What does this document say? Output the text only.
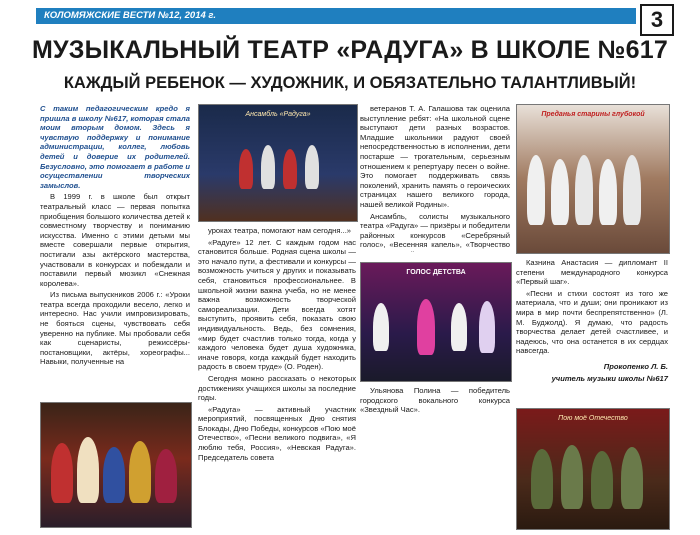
КОЛОМЯЖСКИЕ ВЕСТИ №12, 2014 г.	3
МУЗЫКАЛЬНЫЙ ТЕАТР «РАДУГА» В ШКОЛЕ №617
КАЖДЫЙ РЕБЕНОК — ХУДОЖНИК, И ОБЯЗАТЕЛЬНО ТАЛАНТЛИВЫЙ!

С таким педагогическим кредо я пришла в школу №617, которая стала моим вторым домом. Здесь я чувствую поддержку и понимание администрации, коллег, любовь детей и доверие их родителей. Безусловно, это помогает в работе и осуществлении творческих замыслов.

В 1999 г. в школе был открыт театральный класс — первая попытка приобщения большого количества детей к совместному творчеству и пониманию искусства. Именно с этими детьми мы вместе совершали первые открытия, постигали азы актёрского мастерства, участвовали в конкурсах и побеждали и поставили первый мюзикл «Снежная королева».

Из письма выпускников 2006 г.: «Уроки театра всегда проходили весело, легко и интересно. Нас учили импровизировать, не бояться сцены, чувствовать себя уверенно на публике. Мы пробовали себя как сценаристы, режиссёры-постановщики, актёры, хореографы... Навыки, полученные на

Ансамбль «Радуга»

уроках театра, помогают нам сегодня...»

«Радуге» 12 лет. С каждым годом нас становится больше. Родная сцена школы — это начало пути, а фестивали и конкурсы — возможность учиться у других и показывать себя, становиться профессиональнее. В школьной жизни важна учеба, но не менее важна возможность творческой самореализации. Дети всегда хотят выступить, проявить себя, показать свою индивидуальность. Ведь, без сомнения, «мир будет счастлив только тогда, когда у каждого человека будет душа художника, иначе говоря, когда каждый будет находить радость в своем труде» (О. Роден).

Сегодня можно рассказать о некоторых достижениях учащихся школы за последние годы.

«Радуга» — активный участник мероприятий, посвященных Дню снятия Блокады, Дню Победы, конкурсов «Пою моё Отечество», «Песни великого подвига», «Я люблю тебя, Россия», «Невская Радуга». Председатель совета

ветеранов Т. А. Галашова так оценила выступление ребят: «На школьной сцене выступают дети разных возрастов. Младшие школьники радуют своей непосредственностью в исполнении, дети постарше — трогательным, серьезным отношением к репертуару песен о войне. Это помогает поддерживать связь поколений, хранить память о героических страницах нашего великого города, нашей великой Родины».

Ансамбль, солисты музыкального театра «Радуга» — призёры и победители районных конкурсов «Серебряный голос», «Весенняя капель», «Творчество

ГОЛОС ДЕТСТВА

Ульянова Полина — победитель городского вокального конкурса «Звездный Час».

Преданья старины глубокой

Казнина Анастасия — дипломант II степени международного конкурса «Первый шаг».

«Песни и стихи состоят из того же материала, что и души; они проникают из мира в мир почти беспрепятственно» (Л. М. Буджолд). Я думаю, что радость творчества делает детей счастливее, и надеюсь, что она останется в их сердцах навсегда.

Прокопенко Л. Б.

учитель музыки школы №617

Пою моё Отечество
